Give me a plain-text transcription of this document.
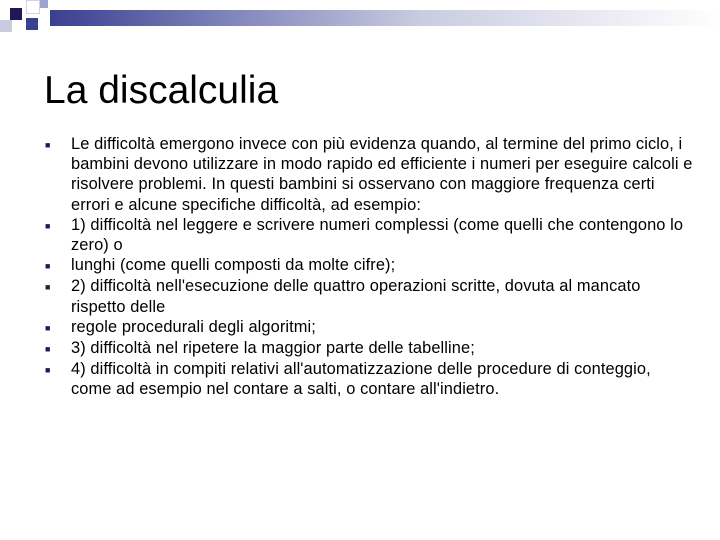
La discalculia
■	Le difficoltà emergono invece con più evidenza quando, al termine del primo ciclo, i bambini devono utilizzare in modo rapido ed efficiente i numeri per eseguire calcoli e risolvere problemi. In questi bambini si osservano con maggiore frequenza certi errori e alcune specifiche difficoltà, ad esempio:
■	1) difficoltà nel leggere e scrivere numeri complessi (come quelli che contengono lo zero) o
■	lunghi (come quelli composti da molte cifre);
■	2) difficoltà nell'esecuzione delle quattro operazioni scritte, dovuta al mancato rispetto delle
■	regole procedurali degli algoritmi;
■	3) difficoltà nel ripetere la maggior parte delle tabelline;
■	4) difficoltà in compiti relativi all'automatizzazione delle procedure di conteggio, come ad esempio nel contare a salti, o contare all'indietro.
